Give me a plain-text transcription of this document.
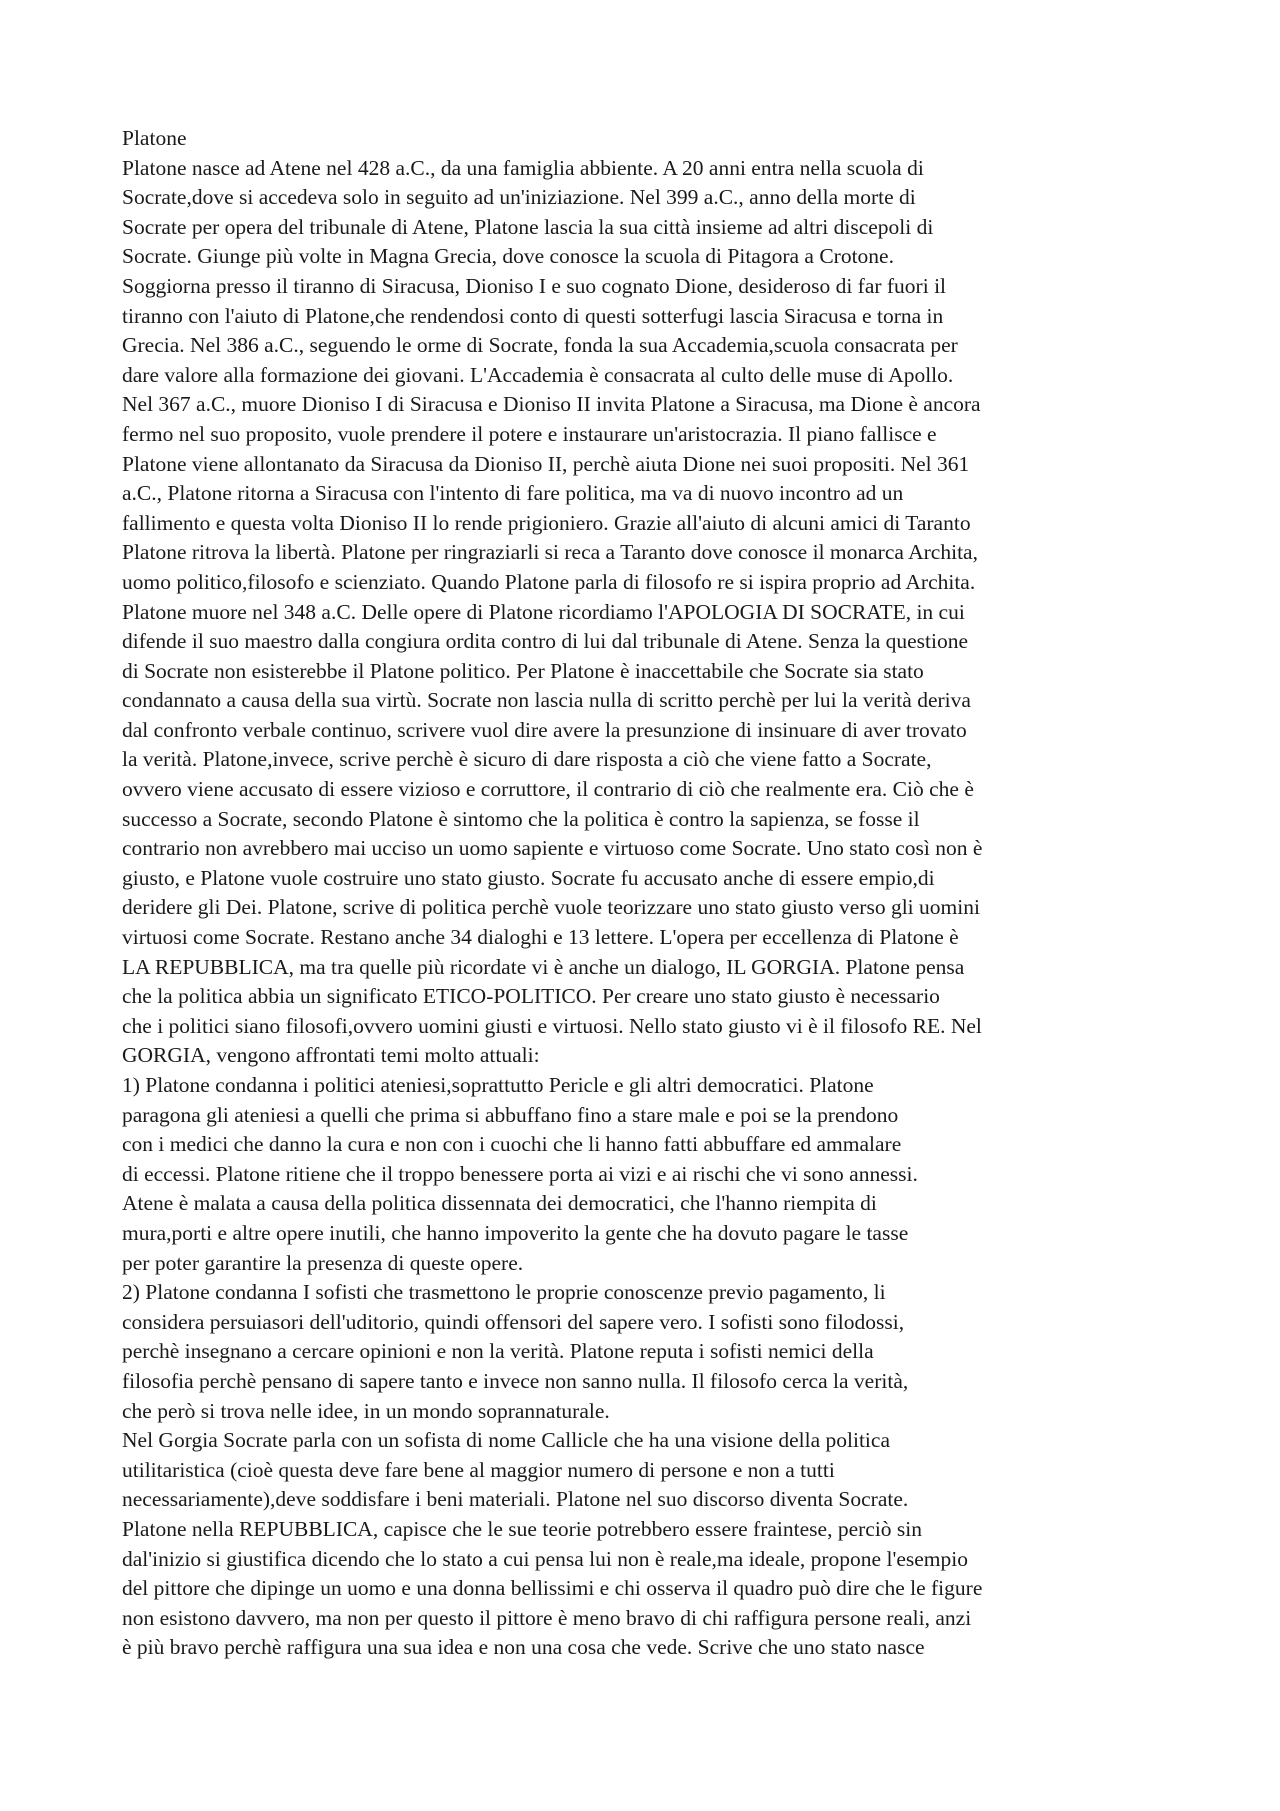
Platone
Platone nasce ad Atene nel 428 a.C., da una famiglia abbiente. A 20 anni entra nella scuola di
Socrate,dove si accedeva solo in seguito ad un'iniziazione. Nel 399 a.C., anno della morte di
Socrate per opera del tribunale di Atene, Platone lascia la sua città insieme ad altri discepoli di
Socrate. Giunge più volte in Magna Grecia, dove conosce la scuola di Pitagora a Crotone.
Soggiorna presso il tiranno di Siracusa, Dioniso I e suo cognato Dione, desideroso di far fuori il
tiranno con l'aiuto di Platone,che rendendosi conto di questi sotterfugi lascia Siracusa e torna in
Grecia. Nel 386 a.C., seguendo le orme di Socrate, fonda la sua Accademia,scuola consacrata per
dare valore alla formazione dei giovani. L'Accademia è consacrata al culto delle muse di Apollo.
Nel 367 a.C., muore Dioniso I di Siracusa e Dioniso II invita Platone a Siracusa, ma Dione è ancora
fermo nel suo proposito, vuole prendere il potere e instaurare un'aristocrazia. Il piano fallisce e
Platone viene allontanato da Siracusa da Dioniso II, perchè aiuta Dione nei suoi propositi. Nel 361
a.C., Platone ritorna a Siracusa con l'intento di fare politica, ma va di nuovo incontro ad un
fallimento e questa volta Dioniso II lo rende prigioniero. Grazie all'aiuto di alcuni amici di Taranto
Platone ritrova la libertà. Platone per ringraziarli si reca a Taranto dove conosce il monarca Archita,
uomo politico,filosofo e scienziato. Quando Platone parla di filosofo re si ispira proprio ad Archita.
Platone muore nel 348 a.C. Delle opere di Platone ricordiamo l'APOLOGIA DI SOCRATE, in cui
difende il suo maestro dalla congiura ordita contro di lui dal tribunale di Atene. Senza la questione
di Socrate non esisterebbe il Platone politico. Per Platone è inaccettabile che Socrate sia stato
condannato a causa della sua virtù. Socrate non lascia nulla di scritto perchè per lui la verità deriva
dal confronto verbale continuo, scrivere vuol dire avere la presunzione di insinuare di aver trovato
la verità. Platone,invece, scrive perchè è sicuro di dare risposta a ciò che viene fatto a Socrate,
ovvero viene accusato di essere vizioso e corruttore, il contrario di ciò che realmente era. Ciò che è
successo a Socrate, secondo Platone è sintomo che la politica è contro la sapienza, se fosse il
contrario non avrebbero mai ucciso un uomo sapiente e virtuoso come Socrate. Uno stato così non è
giusto, e Platone vuole costruire uno stato giusto. Socrate fu accusato anche di essere empio,di
deridere gli Dei. Platone, scrive di politica perchè vuole teorizzare uno stato giusto verso gli uomini
virtuosi come Socrate. Restano anche 34 dialoghi e 13 lettere. L'opera per eccellenza di Platone è
LA REPUBBLICA, ma tra quelle più ricordate vi è anche un dialogo, IL GORGIA. Platone pensa
che la politica abbia un significato ETICO-POLITICO. Per creare uno stato giusto è necessario
che i politici siano filosofi,ovvero uomini giusti e virtuosi. Nello stato giusto vi è il filosofo RE. Nel
GORGIA, vengono affrontati temi molto attuali:
1) Platone condanna i politici ateniesi,soprattutto Pericle e gli altri democratici. Platone
paragona gli ateniesi a quelli che prima si abbuffano fino a stare male e poi se la prendono
con i medici che danno la cura e non con i cuochi che li hanno fatti abbuffare ed ammalare
di eccessi. Platone ritiene che il troppo benessere porta ai vizi e ai rischi che vi sono annessi.
Atene è malata a causa della politica dissennata dei democratici, che l'hanno riempita di
mura,porti e altre opere inutili, che hanno impoverito la gente che ha dovuto pagare le tasse
per poter garantire la presenza di queste opere.
2) Platone condanna I sofisti che trasmettono le proprie conoscenze previo pagamento, li
considera persuiasori dell'uditorio, quindi offensori del sapere vero. I sofisti sono filodossi,
perchè insegnano a cercare opinioni e non la verità. Platone reputa i sofisti nemici della
filosofia perchè pensano di sapere tanto e invece non sanno nulla. Il filosofo cerca la verità,
che però si trova nelle idee, in un mondo soprannaturale.
Nel Gorgia Socrate parla con un sofista di nome Callicle che ha una visione della politica
utilitaristica (cioè questa deve fare bene al maggior numero di persone e non a tutti
necessariamente),deve soddisfare i beni materiali. Platone nel suo discorso diventa Socrate.
Platone nella REPUBBLICA, capisce che le sue teorie potrebbero essere fraintese, perciò sin
dal'inizio si giustifica dicendo che lo stato a cui pensa lui non è reale,ma ideale, propone l'esempio
del pittore che dipinge un uomo e una donna bellissimi e chi osserva il quadro può dire che le figure
non esistono davvero, ma non per questo il pittore è meno bravo di chi raffigura persone reali, anzi
è più bravo perchè raffigura una sua idea e non una cosa che vede. Scrive che uno stato nasce
